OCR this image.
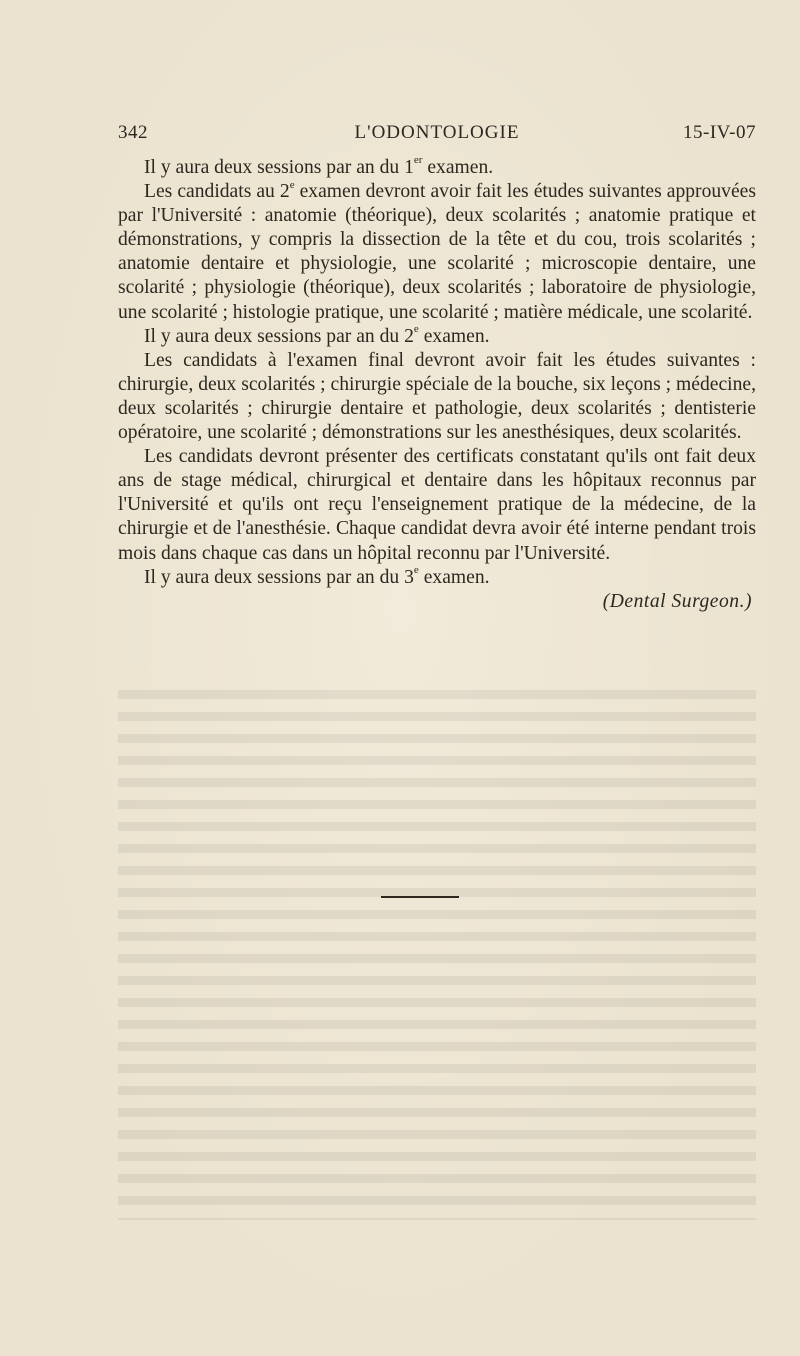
342	L'ODONTOLOGIE	15-IV-07

Il y aura deux sessions par an du 1er examen.

Les candidats au 2e examen devront avoir fait les études suivantes approuvées par l'Université : anatomie (théorique), deux scolarités ; anatomie pratique et démonstrations, y compris la dissection de la tête et du cou, trois scolarités ; anatomie dentaire et physiologie, une scolarité ; microscopie dentaire, une scolarité ; physiologie (théorique), deux scolarités ; laboratoire de physiologie, une scolarité ; histologie pratique, une scolarité ; matière médicale, une scolarité.

Il y aura deux sessions par an du 2e examen.

Les candidats à l'examen final devront avoir fait les études suivantes : chirurgie, deux scolarités ; chirurgie spéciale de la bouche, six leçons ; médecine, deux scolarités ; chirurgie dentaire et pathologie, deux scolarités ; dentisterie opératoire, une scolarité ; démonstrations sur les anesthésiques, deux scolarités.

Les candidats devront présenter des certificats constatant qu'ils ont fait deux ans de stage médical, chirurgical et dentaire dans les hôpitaux reconnus par l'Université et qu'ils ont reçu l'enseignement pratique de la médecine, de la chirurgie et de l'anesthésie. Chaque candidat devra avoir été interne pendant trois mois dans chaque cas dans un hôpital reconnu par l'Université.

Il y aura deux sessions par an du 3e examen.

(Dental Surgeon.)
